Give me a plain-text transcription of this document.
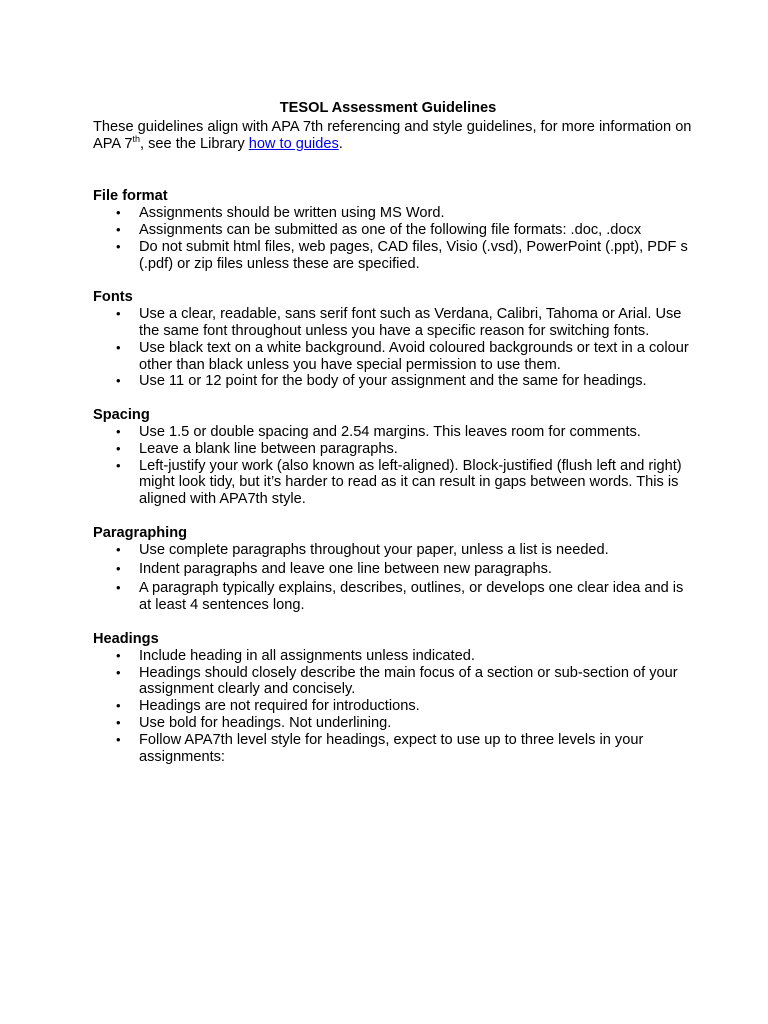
TESOL Assessment Guidelines

These guidelines align with APA 7th referencing and style guidelines, for more information on APA 7th, see the Library how to guides.

File format
• Assignments should be written using MS Word.
• Assignments can be submitted as one of the following file formats: .doc, .docx
• Do not submit html files, web pages, CAD files, Visio (.vsd), PowerPoint (.ppt), PDF s (.pdf) or zip files unless these are specified.
Fonts
• Use a clear, readable, sans serif font such as Verdana, Calibri, Tahoma or Arial. Use the same font throughout unless you have a specific reason for switching fonts.
• Use black text on a white background. Avoid coloured backgrounds or text in a colour other than black unless you have special permission to use them.
• Use 11 or 12 point for the body of your assignment and the same for headings.
Spacing
• Use 1.5 or double spacing and 2.54 margins. This leaves room for comments.
• Leave a blank line between paragraphs.
• Left-justify your work (also known as left-aligned). Block-justified (flush left and right) might look tidy, but it’s harder to read as it can result in gaps between words. This is aligned with APA7th style.
Paragraphing
• Use complete paragraphs throughout your paper, unless a list is needed.
• Indent paragraphs and leave one line between new paragraphs.
• A paragraph typically explains, describes, outlines, or develops one clear idea and is at least 4 sentences long.
Headings
• Include heading in all assignments unless indicated.
• Headings should closely describe the main focus of a section or sub-section of your assignment clearly and concisely.
• Headings are not required for introductions.
• Use bold for headings. Not underlining.
• Follow APA7th level style for headings, expect to use up to three levels in your assignments:
